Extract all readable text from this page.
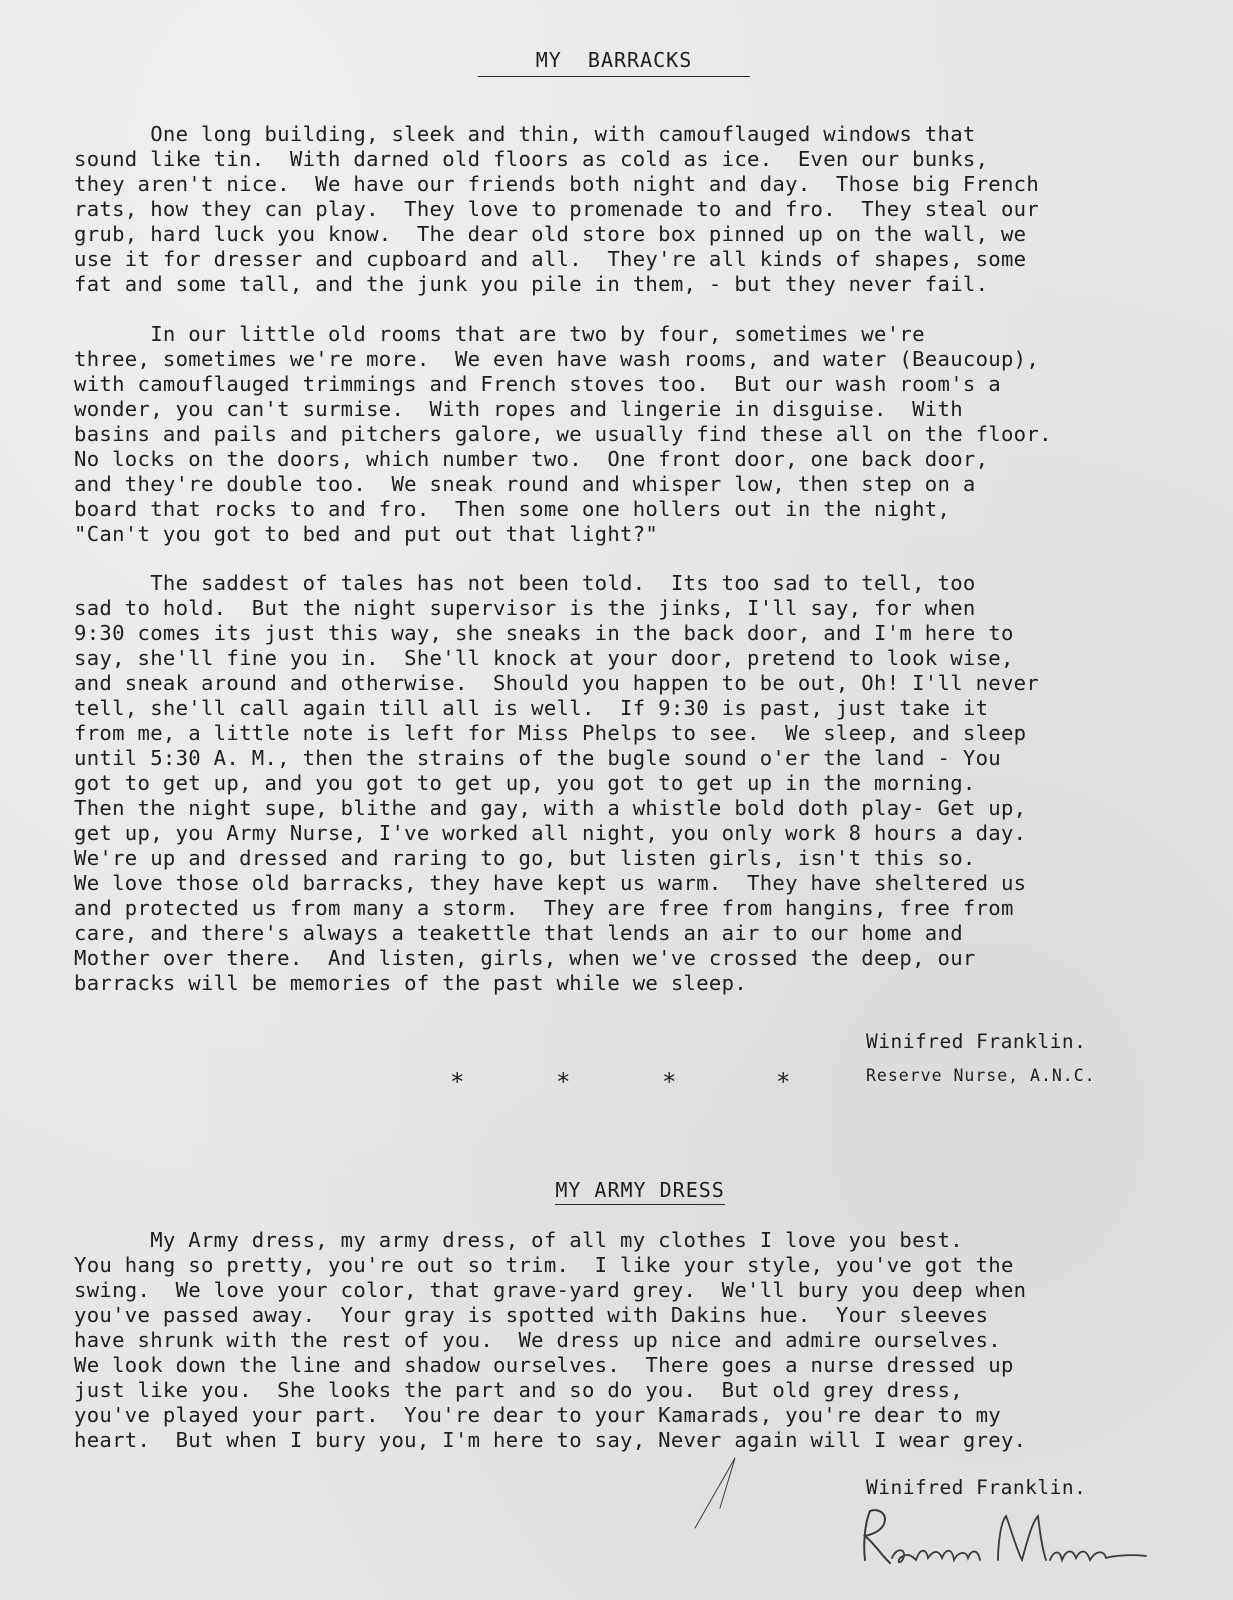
MY  BARRACKS
One long building, sleek and thin, with camouflauged windows that
sound like tin.  With darned old floors as cold as ice.  Even our bunks,
they aren't nice.  We have our friends both night and day.  Those big French
rats, how they can play.  They love to promenade to and fro.  They steal our
grub, hard luck you know.  The dear old store box pinned up on the wall, we
use it for dresser and cupboard and all.  They're all kinds of shapes, some
fat and some tall, and the junk you pile in them, - but they never fail.
In our little old rooms that are two by four, sometimes we're
three, sometimes we're more.  We even have wash rooms, and water (Beaucoup),
with camouflauged trimmings and French stoves too.  But our wash room's a
wonder, you can't surmise.  With ropes and lingerie in disguise.  With
basins and pails and pitchers galore, we usually find these all on the floor.
No locks on the doors, which number two.  One front door, one back door,
and they're double too.  We sneak round and whisper low, then step on a
board that rocks to and fro.  Then some one hollers out in the night,
"Can't you got to bed and put out that light?"
The saddest of tales has not been told.  Its too sad to tell, too
sad to hold.  But the night supervisor is the jinks, I'll say, for when
9:30 comes its just this way, she sneaks in the back door, and I'm here to
say, she'll fine you in.  She'll knock at your door, pretend to look wise,
and sneak around and otherwise.  Should you happen to be out, Oh! I'll never
tell, she'll call again till all is well.  If 9:30 is past, just take it
from me, a little note is left for Miss Phelps to see.  We sleep, and sleep
until 5:30 A. M., then the strains of the bugle sound o'er the land - You
got to get up, and you got to get up, you got to get up in the morning.
Then the night supe, blithe and gay, with a whistle bold doth play- Get up,
get up, you Army Nurse, I've worked all night, you only work 8 hours a day.
We're up and dressed and raring to go, but listen girls, isn't this so.
We love those old barracks, they have kept us warm.  They have sheltered us
and protected us from many a storm.  They are free from hangins, free from
care, and there's always a teakettle that lends an air to our home and
Mother over there.  And listen, girls, when we've crossed the deep, our
barracks will be memories of the past while we sleep.
Winifred Franklin.
Reserve Nurse, A.N.C.
*	*	*	*

MY ARMY DRESS

My Army dress, my army dress, of all my clothes I love you best.
You hang so pretty, you're out so trim.  I like your style, you've got the
swing.  We love your color, that grave-yard grey.  We'll bury you deep when
you've passed away.  Your gray is spotted with Dakins hue.  Your sleeves
have shrunk with the rest of you.  We dress up nice and admire ourselves.
We look down the line and shadow ourselves.  There goes a nurse dressed up
just like you.  She looks the part and so do you.  But old grey dress,
you've played your part.  You're dear to your Kamarads, you're dear to my
heart.  But when I bury you, I'm here to say, Never again will I wear grey.
Winifred Franklin.
